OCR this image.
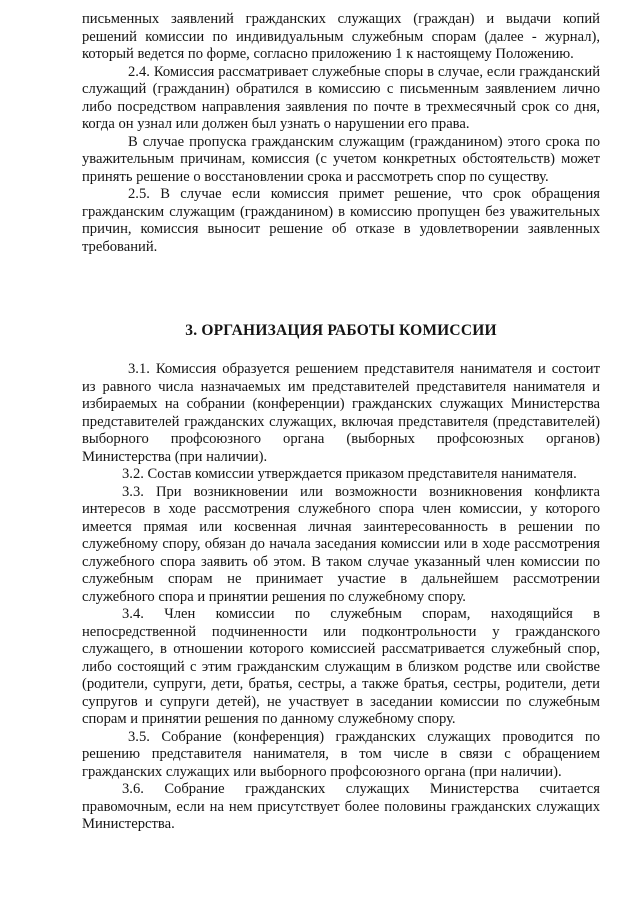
письменных заявлений гражданских служащих (граждан) и выдачи копий решений комиссии по индивидуальным служебным спорам (далее - журнал), который ведется по форме, согласно приложению 1 к настоящему Положению.

2.4. Комиссия рассматривает служебные споры в случае, если гражданский служащий (гражданин) обратился в комиссию с письменным заявлением лично либо посредством направления заявления по почте в трехмесячный срок со дня, когда он узнал или должен был узнать о нарушении его права.

В случае пропуска гражданским служащим (гражданином) этого срока по уважительным причинам, комиссия (с учетом конкретных обстоятельств) может принять решение о восстановлении срока и рассмотреть спор по существу.

2.5. В случае если комиссия примет решение, что срок обращения гражданским служащим (гражданином) в комиссию пропущен без уважительных причин, комиссия выносит решение об отказе в удовлетворении заявленных требований.

3. ОРГАНИЗАЦИЯ РАБОТЫ КОМИССИИ

3.1. Комиссия образуется решением представителя нанимателя и состоит из равного числа назначаемых им представителей представителя нанимателя и избираемых на собрании (конференции) гражданских служащих Министерства представителей гражданских служащих, включая представителя (представителей) выборного профсоюзного органа (выборных профсоюзных органов) Министерства (при наличии).

3.2. Состав комиссии утверждается приказом представителя нанимателя.

3.3. При возникновении или возможности возникновения конфликта интересов в ходе рассмотрения служебного спора член комиссии, у которого имеется прямая или косвенная личная заинтересованность в решении по служебному спору, обязан до начала заседания комиссии или в ходе рассмотрения служебного спора заявить об этом. В таком случае указанный член комиссии по служебным спорам не принимает участие в дальнейшем рассмотрении служебного спора и принятии решения по служебному спору.

3.4. Член комиссии по служебным спорам, находящийся в непосредственной подчиненности или подконтрольности у гражданского служащего, в отношении которого комиссией рассматривается служебный спор, либо состоящий с этим гражданским служащим в близком родстве или свойстве (родители, супруги, дети, братья, сестры, а также братья, сестры, родители, дети супругов и супруги детей), не участвует в заседании комиссии по служебным спорам и принятии решения по данному служебному спору.

3.5. Собрание (конференция) гражданских служащих проводится по решению представителя нанимателя, в том числе в связи с обращением гражданских служащих или выборного профсоюзного органа (при наличии).

3.6. Собрание гражданских служащих Министерства считается правомочным, если на нем присутствует более половины гражданских служащих Министерства.
